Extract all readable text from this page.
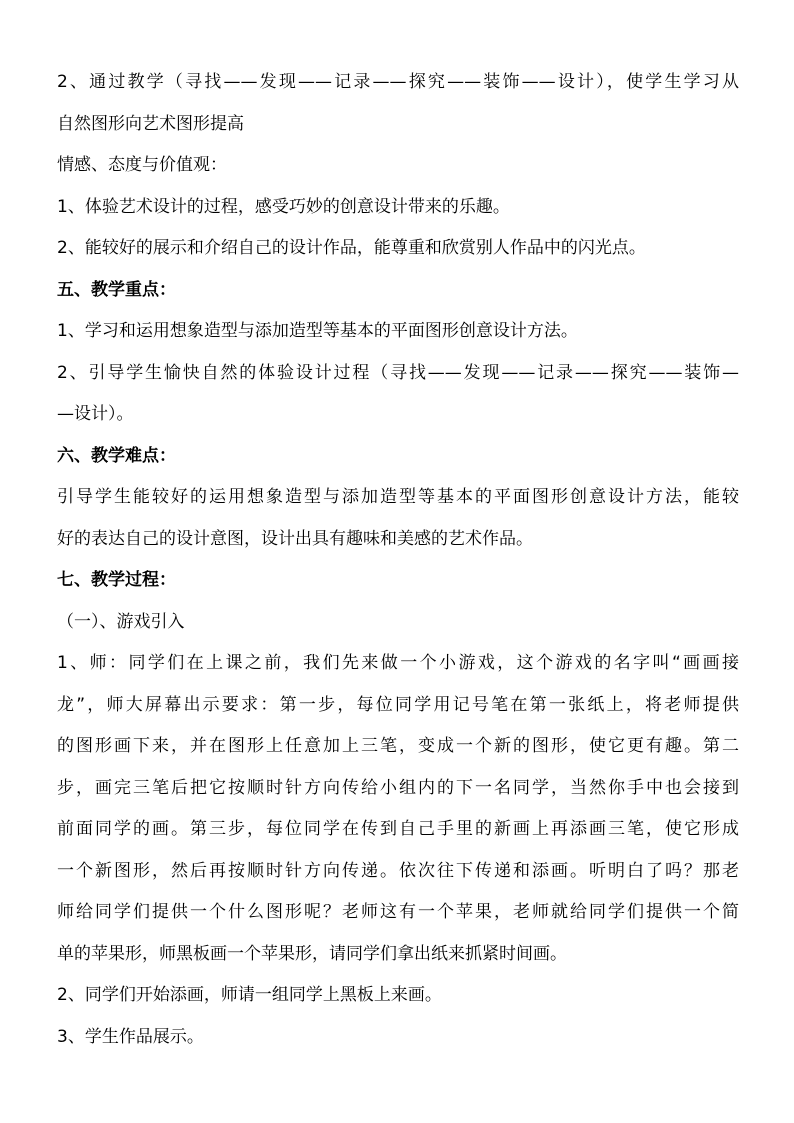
2、通过教学（寻找——发现——记录——探究——装饰——设计），使学生学习从
自然图形向艺术图形提高
情感、态度与价值观：
1、体验艺术设计的过程，感受巧妙的创意设计带来的乐趣。
2、能较好的展示和介绍自己的设计作品，能尊重和欣赏别人作品中的闪光点。
五、教学重点：
1、学习和运用想象造型与添加造型等基本的平面图形创意设计方法。
2、引导学生愉快自然的体验设计过程（寻找——发现——记录——探究——装饰—
—设计）。
六、教学难点：
引导学生能较好的运用想象造型与添加造型等基本的平面图形创意设计方法，能较
好的表达自己的设计意图，设计出具有趣味和美感的艺术作品。
七、教学过程：
（一）、游戏引入
1、师：同学们在上课之前，我们先来做一个小游戏，这个游戏的名字叫“画画接
龙”，师大屏幕出示要求：第一步，每位同学用记号笔在第一张纸上，将老师提供
的图形画下来，并在图形上任意加上三笔，变成一个新的图形，使它更有趣。第二
步，画完三笔后把它按顺时针方向传给小组内的下一名同学，当然你手中也会接到
前面同学的画。第三步，每位同学在传到自己手里的新画上再添画三笔，使它形成
一个新图形，然后再按顺时针方向传递。依次往下传递和添画。听明白了吗？那老
师给同学们提供一个什么图形呢？老师这有一个苹果，老师就给同学们提供一个简
单的苹果形，师黑板画一个苹果形，请同学们拿出纸来抓紧时间画。
2、同学们开始添画，师请一组同学上黑板上来画。
3、学生作品展示。
